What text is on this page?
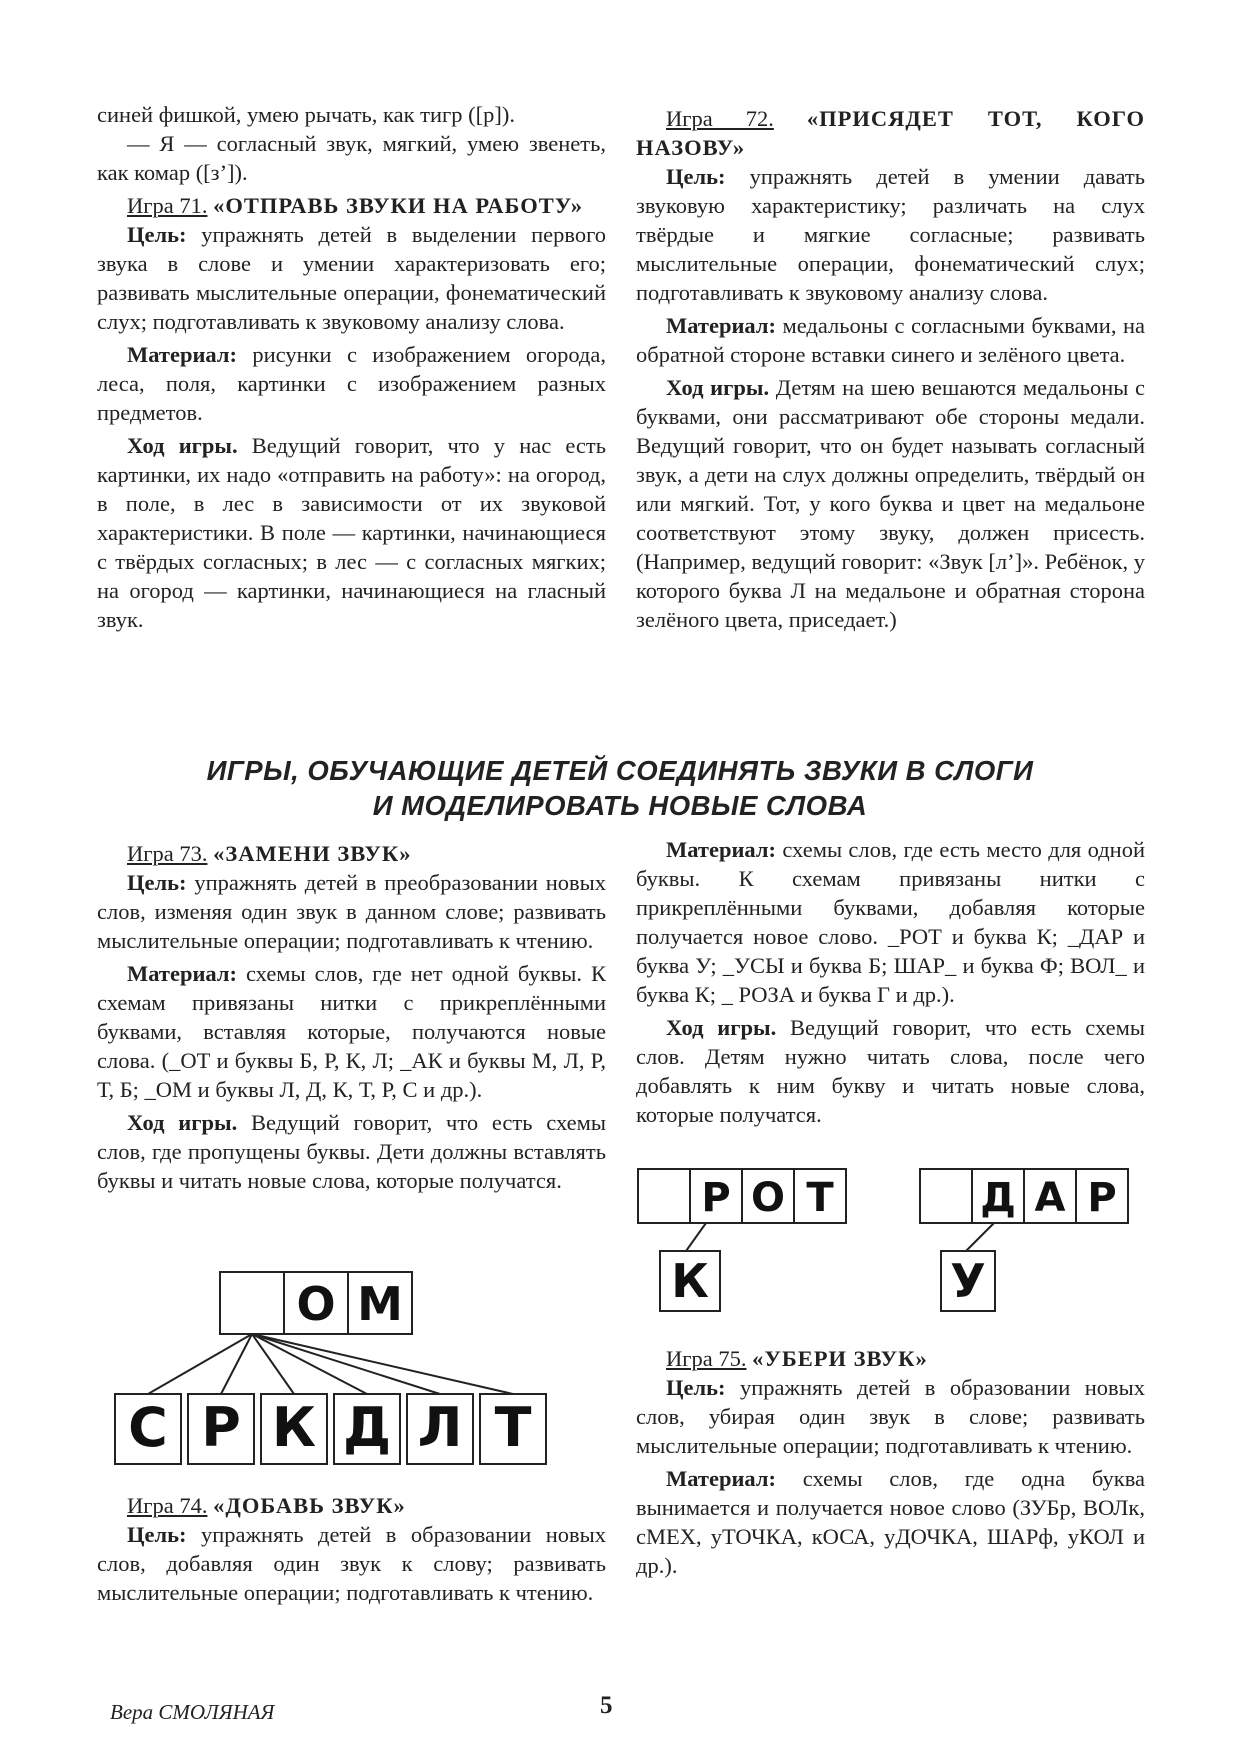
синей фишкой, умею рычать, как тигр ([р]).

— Я — согласный звук, мягкий, умею звенеть, как комар ([з’]).

Игра 71. «ОТПРАВЬ ЗВУКИ НА РАБОТУ»

Цель: упражнять детей в выделении первого звука в слове и умении характеризовать его; развивать мыслительные операции, фонематический слух; подготавливать к звуковому анализу слова.

Материал: рисунки с изображением огорода, леса, поля, картинки с изображением разных предметов.

Ход игры. Ведущий говорит, что у нас есть картинки, их надо «отправить на работу»: на огород, в поле, в лес в зависимости от их звуковой характеристики. В поле — картинки, начинающиеся с твёрдых согласных; в лес — с согласных мягких; на огород — картинки, начинающиеся на гласный звук.

Игра 72. «ПРИСЯДЕТ ТОТ, КОГО НАЗОВУ»

Цель: упражнять детей в умении давать звуковую характеристику; различать на слух твёрдые и мягкие согласные; развивать мыслительные операции, фонематический слух; подготавливать к звуковому анализу слова.

Материал: медальоны с согласными буквами, на обратной стороне вставки синего и зелёного цвета.

Ход игры. Детям на шею вешаются медальоны с буквами, они рассматривают обе стороны медали. Ведущий говорит, что он будет называть согласный звук, а дети на слух должны определить, твёрдый он или мягкий. Тот, у кого буква и цвет на медальоне соответствуют этому звуку, должен присесть. (Например, ведущий говорит: «Звук [л’]». Ребёнок, у которого буква Л на медальоне и обратная сторона зелёного цвета, приседает.)

ИГРЫ, ОБУЧАЮЩИЕ ДЕТЕЙ СОЕДИНЯТЬ ЗВУКИ В СЛОГИ
И МОДЕЛИРОВАТЬ НОВЫЕ СЛОВА

Игра 73. «ЗАМЕНИ ЗВУК»

Цель: упражнять детей в преобразовании новых слов, изменяя один звук в данном слове; развивать мыслительные операции; подготавливать к чтению.

Материал: схемы слов, где нет одной буквы. К схемам привязаны нитки с прикреплёнными буквами, вставляя которые, получаются новые слова. (_ОТ и буквы Б, Р, К, Л; _АК и буквы М, Л, Р, Т, Б; _ОМ и буквы Л, Д, К, Т, Р, С и др.).

Ход игры. Ведущий говорит, что есть схемы слов, где пропущены буквы. Дети должны вставлять буквы и читать новые слова, которые получатся.

О М
С Р К Д Л Т

Игра 74. «ДОБАВЬ ЗВУК»

Цель: упражнять детей в образовании новых слов, добавляя один звук к слову; развивать мыслительные операции; подготавливать к чтению.

Материал: схемы слов, где есть место для одной буквы. К схемам привязаны нитки с прикреплёнными буквами, добавляя которые получается новое слово. _РОТ и буква К; _ДАР и буква У; _УСЫ и буква Б; ШАР_ и буква Ф; ВОЛ_ и буква К; _ РОЗА и буква Г и др.).

Ход игры. Ведущий говорит, что есть схемы слов. Детям нужно читать слова, после чего добавлять к ним букву и читать новые слова, которые получатся.

Р О Т
К
Д А Р
У

Игра 75. «УБЕРИ ЗВУК»

Цель: упражнять детей в образовании новых слов, убирая один звук в слове; развивать мыслительные операции; подготавливать к чтению.

Материал: схемы слов, где одна буква вынимается и получается новое слово (ЗУБр, ВОЛк, сМЕХ, уТОЧКА, кОСА, уДОЧКА, ШАРф, уКОЛ и др.).

Вера СМОЛЯНАЯ	5
